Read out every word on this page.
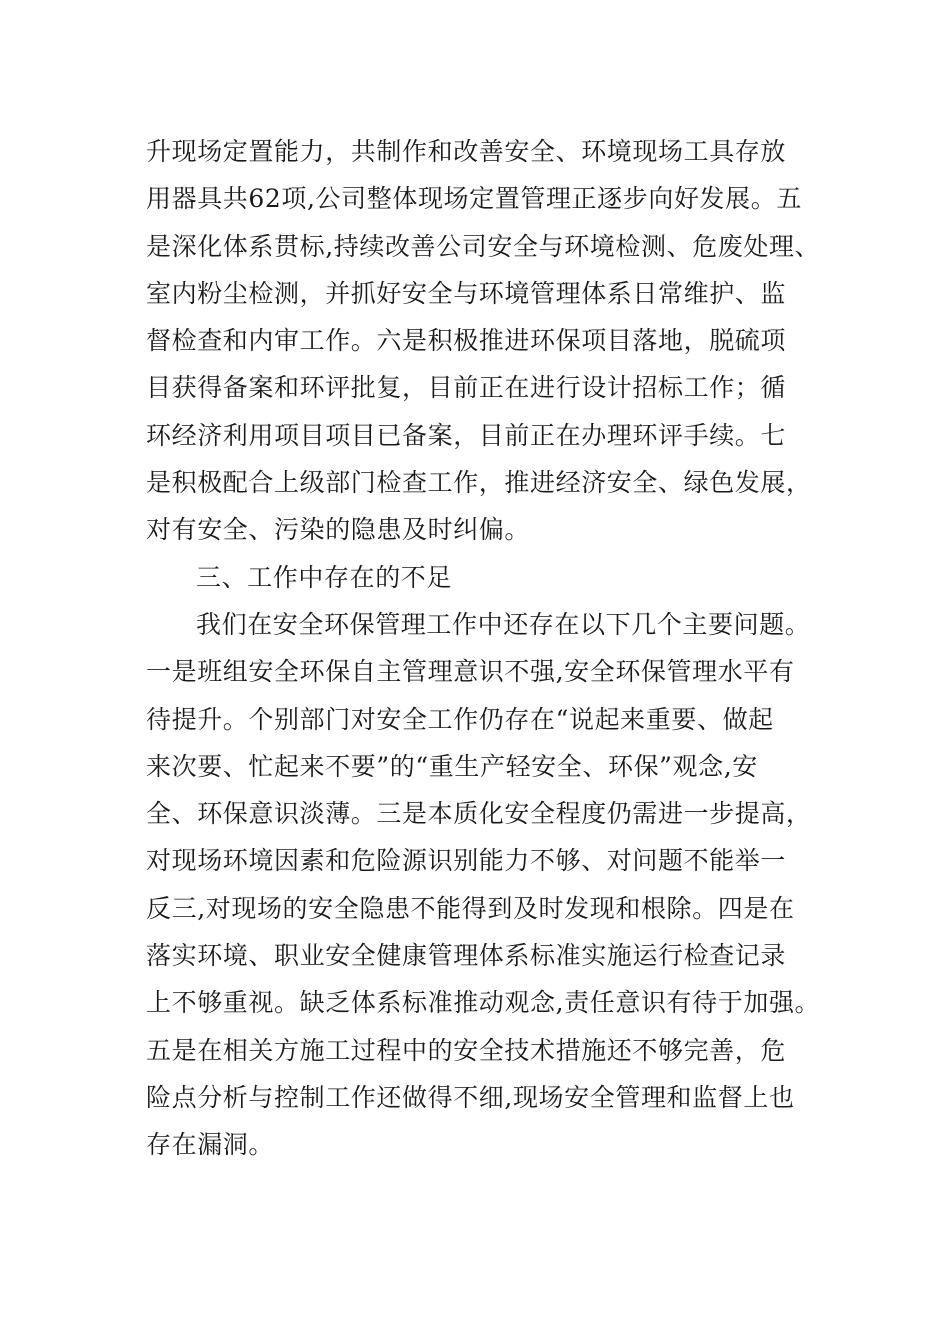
升现场定置能力，共制作和改善安全、环境现场工具存放
用器具共62项,公司整体现场定置管理正逐步向好发展。五
是深化体系贯标,持续改善公司安全与环境检测、危废处理、
室内粉尘检测，并抓好安全与环境管理体系日常维护、监
督检查和内审工作。六是积极推进环保项目落地，脱硫项
目获得备案和环评批复，目前正在进行设计招标工作；循
环经济利用项目项目已备案，目前正在办理环评手续。七
是积极配合上级部门检查工作，推进经济安全、绿色发展，
对有安全、污染的隐患及时纠偏。
三、工作中存在的不足
我们在安全环保管理工作中还存在以下几个主要问题。
一是班组安全环保自主管理意识不强,安全环保管理水平有
待提升。个别部门对安全工作仍存在“说起来重要、做起
来次要、忙起来不要”的“重生产轻安全、环保”观念,安
全、环保意识淡薄。三是本质化安全程度仍需进一步提高，
对现场环境因素和危险源识别能力不够、对问题不能举一
反三,对现场的安全隐患不能得到及时发现和根除。四是在
落实环境、职业安全健康管理体系标准实施运行检查记录
上不够重视。缺乏体系标准推动观念,责任意识有待于加强。
五是在相关方施工过程中的安全技术措施还不够完善，危
险点分析与控制工作还做得不细,现场安全管理和监督上也
存在漏洞。
